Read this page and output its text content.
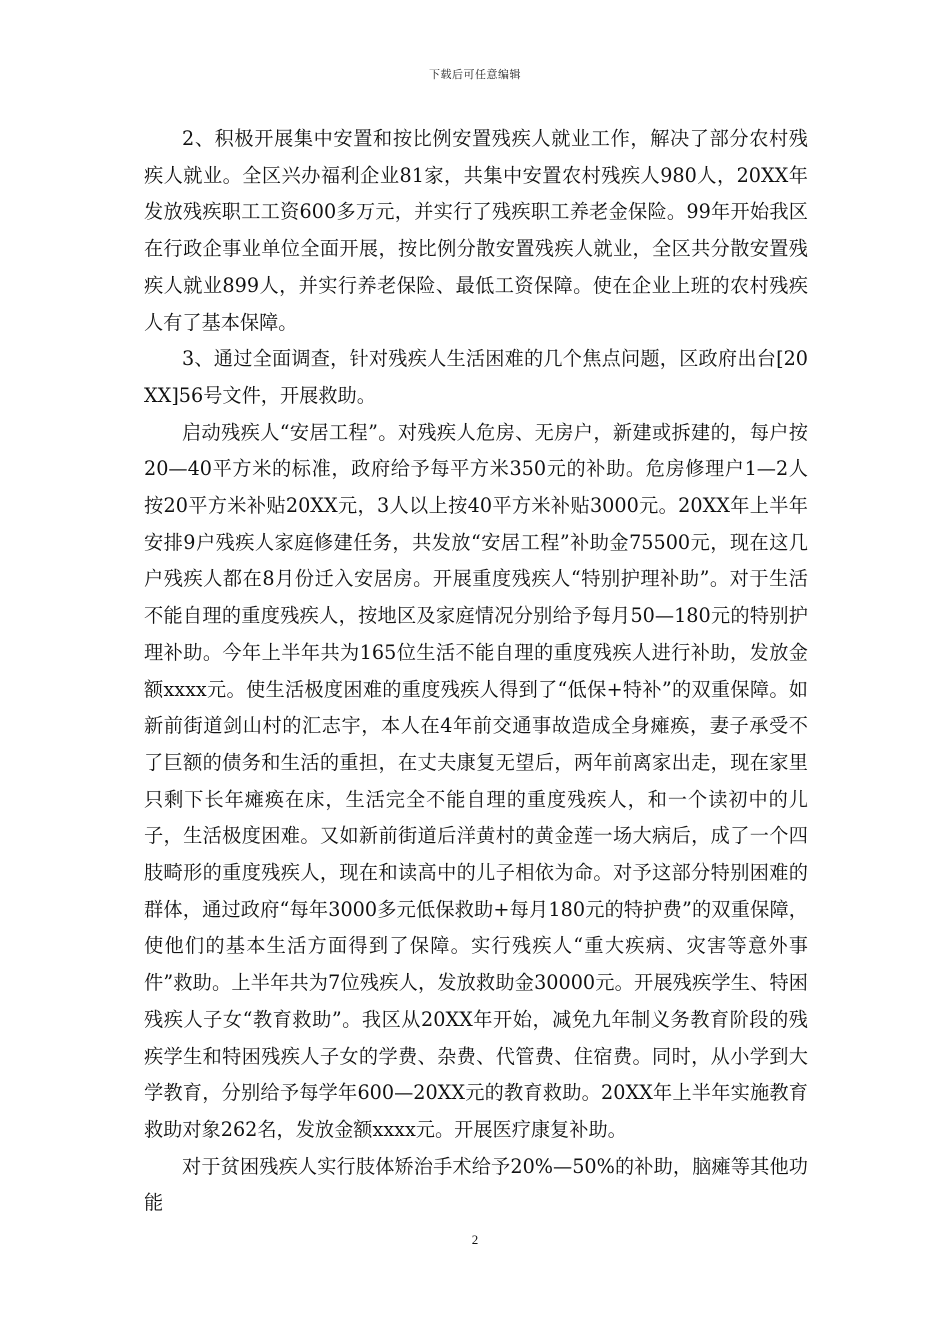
下载后可任意编辑

2、积极开展集中安置和按比例安置残疾人就业工作，解决了部分农村残疾人就业。全区兴办福利企业81家，共集中安置农村残疾人980人，20XX年发放残疾职工工资600多万元，并实行了残疾职工养老金保险。99年开始我区在行政企事业单位全面开展，按比例分散安置残疾人就业，全区共分散安置残疾人就业899人，并实行养老保险、最低工资保障。使在企业上班的农村残疾人有了基本保障。

3、通过全面调查，针对残疾人生活困难的几个焦点问题，区政府出台[20XX]56号文件，开展救助。

启动残疾人“安居工程”。对残疾人危房、无房户，新建或拆建的，每户按20—40平方米的标准，政府给予每平方米350元的补助。危房修理户1—2人按20平方米补贴20XX元，3人以上按40平方米补贴3000元。20XX年上半年安排9户残疾人家庭修建任务，共发放“安居工程”补助金75500元，现在这几户残疾人都在8月份迁入安居房。开展重度残疾人“特别护理补助”。对于生活不能自理的重度残疾人，按地区及家庭情况分别给予每月50—180元的特别护理补助。今年上半年共为165位生活不能自理的重度残疾人进行补助，发放金额xxxx元。使生活极度困难的重度残疾人得到了“低保+特补”的双重保障。如新前街道剑山村的汇志宇，本人在4年前交通事故造成全身瘫痪，妻子承受不了巨额的债务和生活的重担，在丈夫康复无望后，两年前离家出走，现在家里只剩下长年瘫痪在床，生活完全不能自理的重度残疾人，和一个读初中的儿子，生活极度困难。又如新前街道后洋黄村的黄金莲一场大病后，成了一个四肢畸形的重度残疾人，现在和读高中的儿子相依为命。对予这部分特别困难的群体，通过政府“每年3000多元低保救助+每月180元的特护费”的双重保障，使他们的基本生活方面得到了保障。实行残疾人“重大疾病、灾害等意外事件”救助。上半年共为7位残疾人，发放救助金30000元。开展残疾学生、特困残疾人子女“教育救助”。我区从20XX年开始，减免九年制义务教育阶段的残疾学生和特困残疾人子女的学费、杂费、代管费、住宿费。同时，从小学到大学教育，分别给予每学年600—20XX元的教育救助。20XX年上半年实施教育救助对象262名，发放金额xxxx元。开展医疗康复补助。

对于贫困残疾人实行肢体矫治手术给予20%—50%的补助，脑瘫等其他功能

2
